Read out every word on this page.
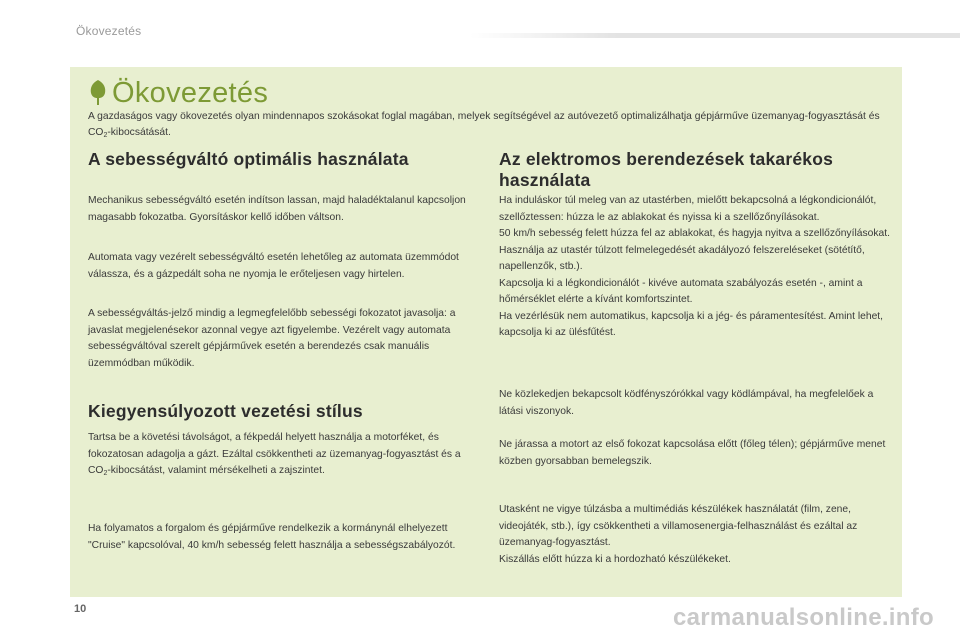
Ökovezetés
Ökovezetés
A gazdaságos vagy ökovezetés olyan mindennapos szokásokat foglal magában, melyek segítségével az autóvezető optimalizálhatja gépjárműve üzemanyag-fogyasztását és $CO_2$-kibocsátását.
A sebességváltó optimális használata

Mechanikus sebességváltó esetén indítson lassan, majd haladéktalanul kapcsoljon magasabb fokozatba. Gyorsításkor kellő időben váltson.

Automata vagy vezérelt sebességváltó esetén lehetőleg az automata üzemmódot válassza, és a gázpedált soha ne nyomja le erőteljesen vagy hirtelen.

A sebességváltás-jelző mindig a legmegfelelőbb sebességi fokozatot javasolja: a javaslat megjelenésekor azonnal vegye azt figyelembe. Vezérelt vagy automata sebességváltóval szerelt gépjárművek esetén a berendezés csak manuális üzemmódban működik.

Kiegyensúlyozott vezetési stílus

Tartsa be a követési távolságot, a fékpedál helyett használja a motorféket, és fokozatosan adagolja a gázt. Ezáltal csökkentheti az üzemanyag-fogyasztást és a $CO_2$-kibocsátást, valamint mérsékelheti a zajszintet.

Ha folyamatos a forgalom és gépjárműve rendelkezik a kormánynál elhelyezett "Cruise" kapcsolóval, 40 km/h sebesség felett használja a sebességszabályozót.

Az elektromos berendezések takarékos használata

Ha induláskor túl meleg van az utastérben, mielőtt bekapcsolná a légkondicionálót, szellőztessen: húzza le az ablakokat és nyissa ki a szellőzőnyílásokat.

50 km/h sebesség felett húzza fel az ablakokat, és hagyja nyitva a szellőzőnyílásokat.

Használja az utastér túlzott felmelegedését akadályozó felszereléseket (sötétítő, napellenzők, stb.).

Kapcsolja ki a légkondicionálót - kivéve automata szabályozás esetén -, amint a hőmérséklet elérte a kívánt komfortszintet.

Ha vezérlésük nem automatikus, kapcsolja ki a jég- és páramentesítést. Amint lehet, kapcsolja ki az ülésfűtést.

Ne közlekedjen bekapcsolt ködfényszórókkal vagy ködlámpával, ha megfelelőek a látási viszonyok.

Ne járassa a motort az első fokozat kapcsolása előtt (főleg télen); gépjárműve menet közben gyorsabban bemelegszik.

Utasként ne vigye túlzásba a multimédiás készülékek használatát (film, zene, videojáték, stb.), így csökkentheti a villamosenergia-felhasználást és ezáltal az üzemanyag-fogyasztást.

Kiszállás előtt húzza ki a hordozható készülékeket.

10	carmanualsonline.info
